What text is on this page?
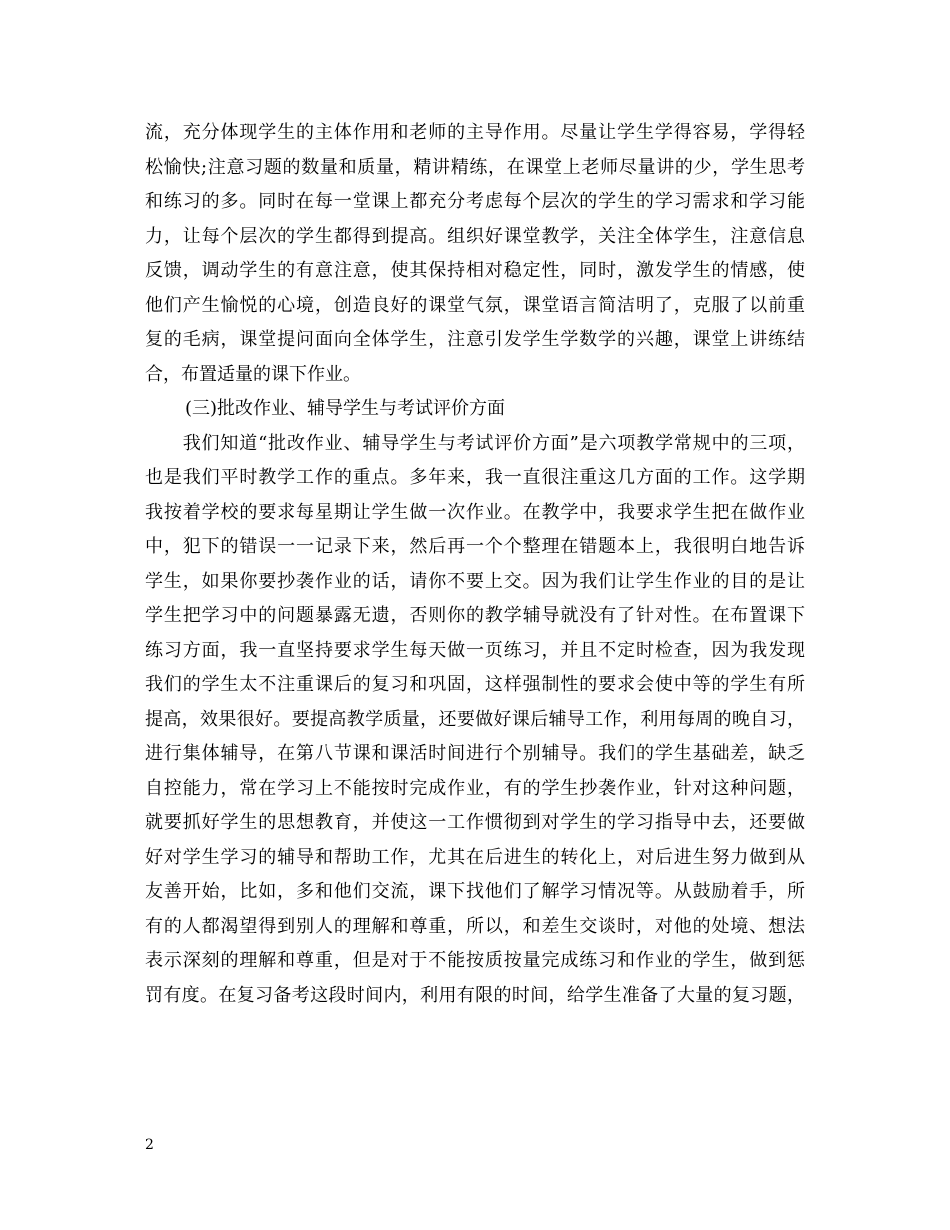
流，充分体现学生的主体作用和老师的主导作用。尽量让学生学得容易，学得轻
松愉快;注意习题的数量和质量，精讲精练，在课堂上老师尽量讲的少，学生思考
和练习的多。同时在每一堂课上都充分考虑每个层次的学生的学习需求和学习能
力，让每个层次的学生都得到提高。组织好课堂教学，关注全体学生，注意信息
反馈，调动学生的有意注意，使其保持相对稳定性，同时，激发学生的情感，使
他们产生愉悦的心境，创造良好的课堂气氛，课堂语言简洁明了，克服了以前重
复的毛病，课堂提问面向全体学生，注意引发学生学数学的兴趣，课堂上讲练结
合，布置适量的课下作业。
(三)批改作业、辅导学生与考试评价方面
　　我们知道“批改作业、辅导学生与考试评价方面”是六项教学常规中的三项，
也是我们平时教学工作的重点。多年来，我一直很注重这几方面的工作。这学期
我按着学校的要求每星期让学生做一次作业。在教学中，我要求学生把在做作业
中，犯下的错误一一记录下来，然后再一个个整理在错题本上，我很明白地告诉
学生，如果你要抄袭作业的话，请你不要上交。因为我们让学生作业的目的是让
学生把学习中的问题暴露无遗，否则你的教学辅导就没有了针对性。在布置课下
练习方面，我一直坚持要求学生每天做一页练习，并且不定时检查，因为我发现
我们的学生太不注重课后的复习和巩固，这样强制性的要求会使中等的学生有所
提高，效果很好。要提高教学质量，还要做好课后辅导工作，利用每周的晚自习，
进行集体辅导，在第八节课和课活时间进行个别辅导。我们的学生基础差，缺乏
自控能力，常在学习上不能按时完成作业，有的学生抄袭作业，针对这种问题，
就要抓好学生的思想教育，并使这一工作惯彻到对学生的学习指导中去，还要做
好对学生学习的辅导和帮助工作，尤其在后进生的转化上，对后进生努力做到从
友善开始，比如，多和他们交流，课下找他们了解学习情况等。从鼓励着手，所
有的人都渴望得到别人的理解和尊重，所以，和差生交谈时，对他的处境、想法
表示深刻的理解和尊重，但是对于不能按质按量完成练习和作业的学生，做到惩
罚有度。在复习备考这段时间内，利用有限的时间，给学生准备了大量的复习题，
2
